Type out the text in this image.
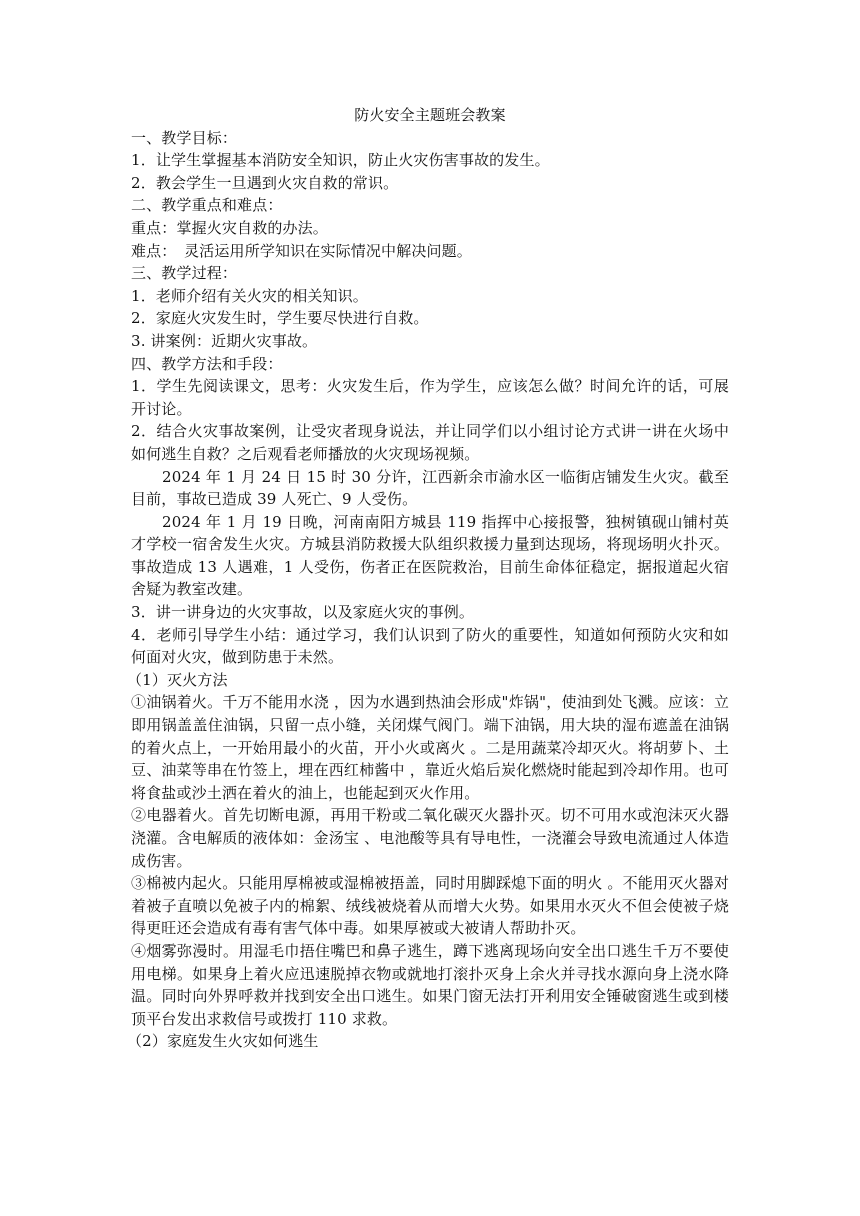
防火安全主题班会教案

一、教学目标：

1．让学生掌握基本消防安全知识，防止火灾伤害事故的发生。

2．教会学生一旦遇到火灾自救的常识。

二、教学重点和难点：

重点：掌握火灾自救的办法。

难点：　灵活运用所学知识在实际情况中解决问题。

三、教学过程：

1．老师介绍有关火灾的相关知识。

2．家庭火灾发生时，学生要尽快进行自救。

3. 讲案例：近期火灾事故。

四、教学方法和手段：

1．学生先阅读课文，思考：火灾发生后，作为学生，应该怎么做？时间允许的话，可展开讨论。

2．结合火灾事故案例，让受灾者现身说法，并让同学们以小组讨论方式讲一讲在火场中如何逃生自救？之后观看老师播放的火灾现场视频。

2024 年 1 月 24 日 15 时 30 分许，江西新余市渝水区一临街店铺发生火灾。截至目前，事故已造成 39 人死亡、9 人受伤。

2024 年 1 月 19 日晚，河南南阳方城县 119 指挥中心接报警，独树镇砚山铺村英才学校一宿舍发生火灾。方城县消防救援大队组织救援力量到达现场，将现场明火扑灭。事故造成 13 人遇难，1 人受伤，伤者正在医院救治，目前生命体征稳定，据报道起火宿舍疑为教室改建。

3．讲一讲身边的火灾事故，以及家庭火灾的事例。

4．老师引导学生小结：通过学习，我们认识到了防火的重要性，知道如何预防火灾和如何面对火灾，做到防患于未然。

（1）灭火方法

①油锅着火。千万不能用水浇 ，因为水遇到热油会形成"炸锅"，使油到处飞溅。应该：立即用锅盖盖住油锅，只留一点小缝，关闭煤气阀门。端下油锅，用大块的湿布遮盖在油锅的着火点上，一开始用最小的火苗，开小火或离火 。二是用蔬菜冷却灭火。将胡萝卜、土豆、油菜等串在竹签上，埋在西红柿酱中 ，靠近火焰后炭化燃烧时能起到冷却作用。也可将食盐或沙土洒在着火的油上，也能起到灭火作用。

②电器着火。首先切断电源，再用干粉或二氧化碳灭火器扑灭。切不可用水或泡沫灭火器浇灌。含电解质的液体如：金汤宝 、电池酸等具有导电性，一浇灌会导致电流通过人体造成伤害。

③棉被内起火。只能用厚棉被或湿棉被捂盖，同时用脚踩熄下面的明火 。不能用灭火器对着被子直喷以免被子内的棉絮、绒线被烧着从而增大火势。如果用水灭火不但会使被子烧得更旺还会造成有毒有害气体中毒。如果厚被或大被请人帮助扑灭。

④烟雾弥漫时。用湿毛巾捂住嘴巴和鼻子逃生，蹲下逃离现场向安全出口逃生千万不要使用电梯。如果身上着火应迅速脱掉衣物或就地打滚扑灭身上余火并寻找水源向身上浇水降温。同时向外界呼救并找到安全出口逃生。如果门窗无法打开利用安全锤破窗逃生或到楼顶平台发出求救信号或拨打 110 求救。

（2）家庭发生火灾如何逃生
